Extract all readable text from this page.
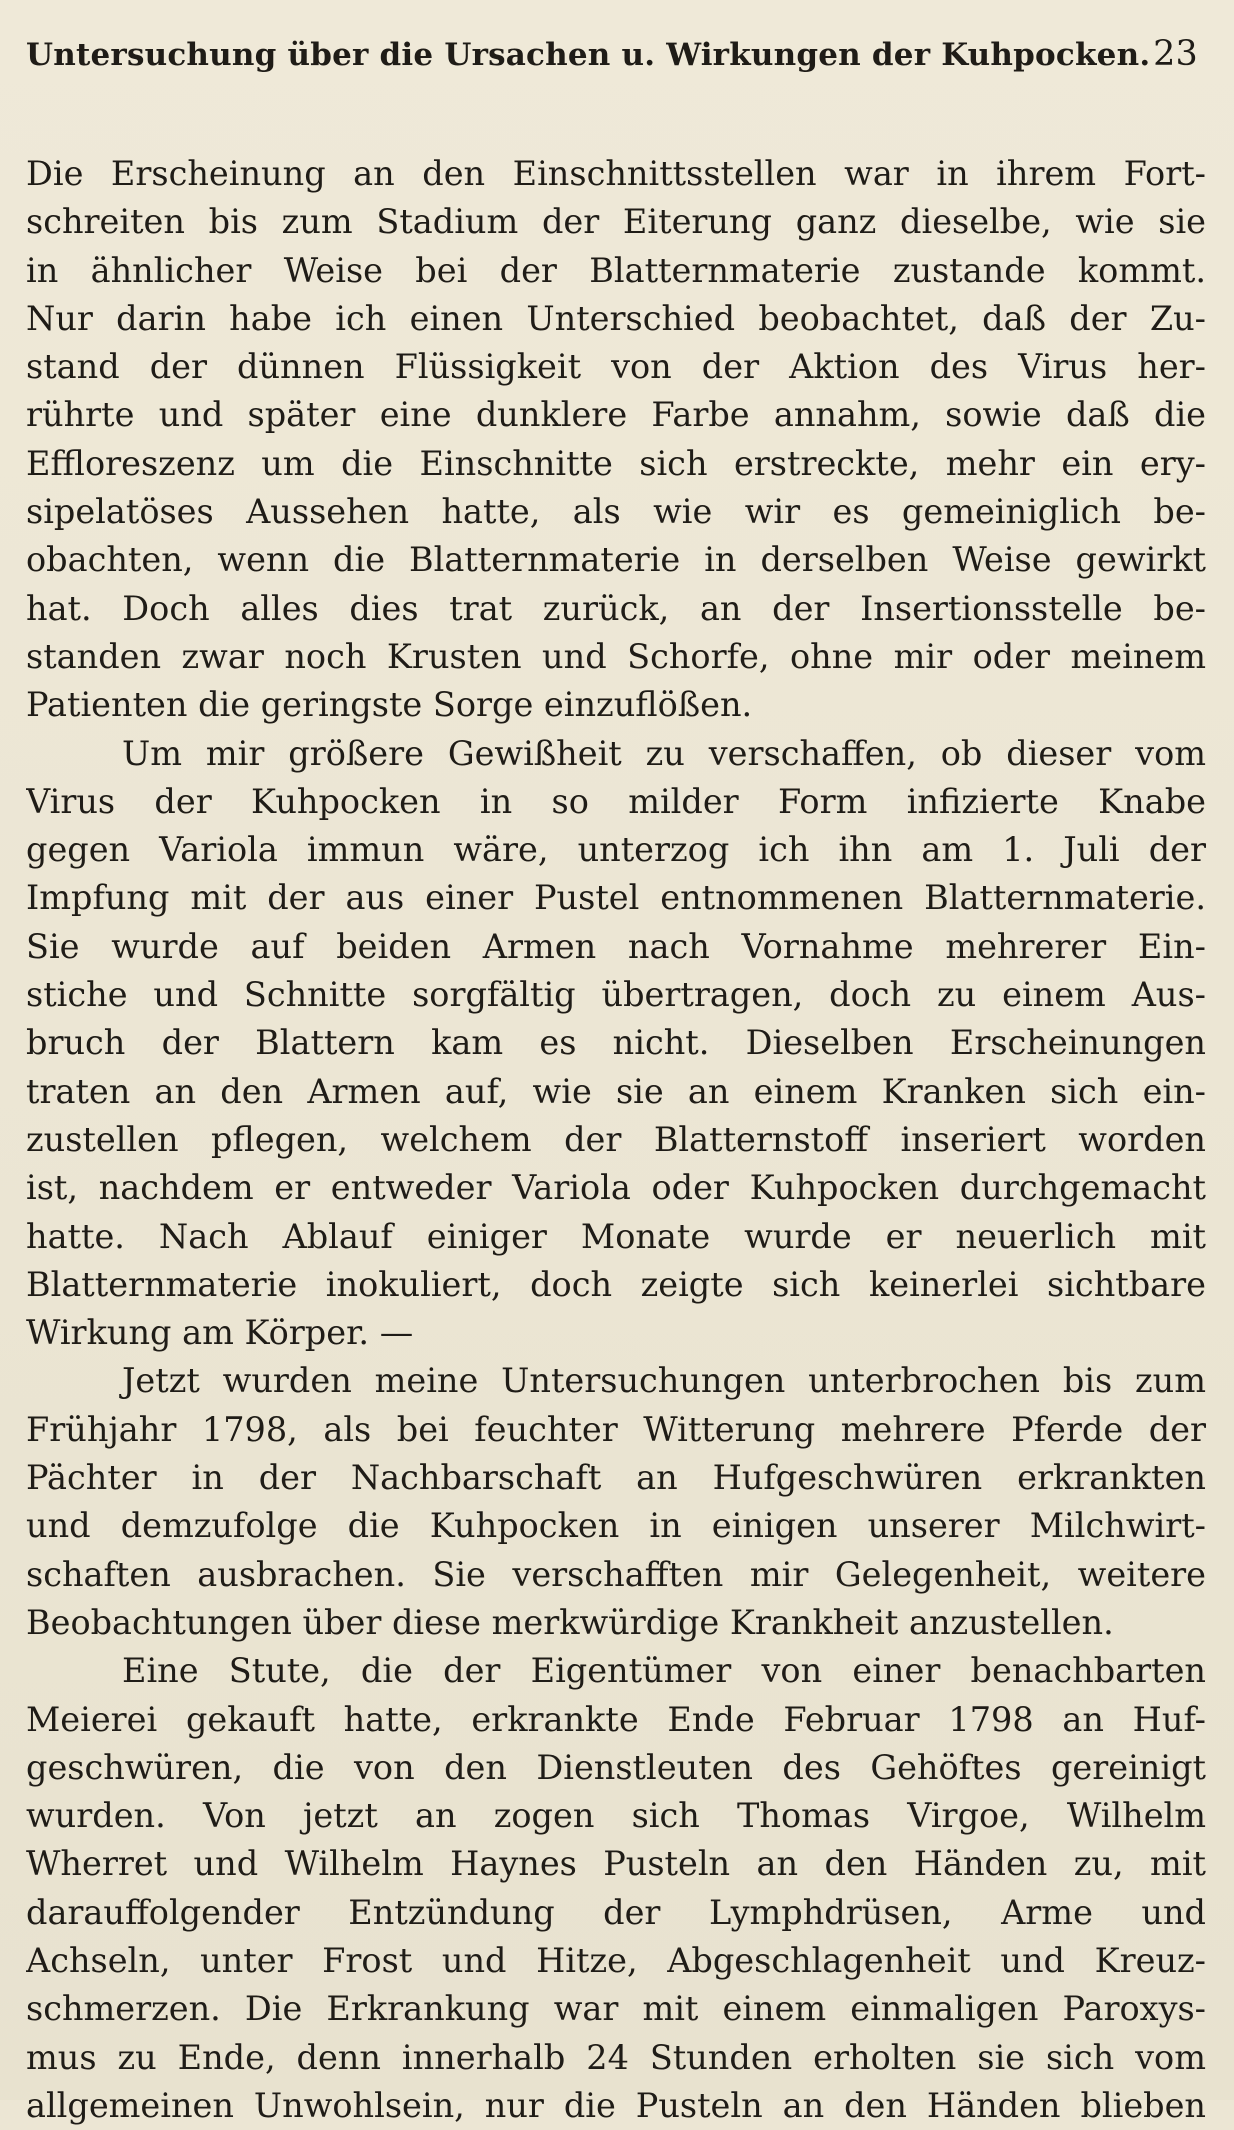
Untersuchung über die Ursachen u. Wirkungen der Kuhpocken. 23
Die Erscheinung an den Einschnittsstellen war in ihrem Fort-
schreiten bis zum Stadium der Eiterung ganz dieselbe, wie sie
in ähnlicher Weise bei der Blatternmaterie zustande kommt.
Nur darin habe ich einen Unterschied beobachtet, daß der Zu-
stand der dünnen Flüssigkeit von der Aktion des Virus her-
rührte und später eine dunklere Farbe annahm, sowie daß die
Effloreszenz um die Einschnitte sich erstreckte, mehr ein ery-
sipelatöses Aussehen hatte, als wie wir es gemeiniglich be-
obachten, wenn die Blatternmaterie in derselben Weise gewirkt
hat. Doch alles dies trat zurück, an der Insertionsstelle be-
standen zwar noch Krusten und Schorfe, ohne mir oder meinem
Patienten die geringste Sorge einzuflößen.
Um mir größere Gewißheit zu verschaffen, ob dieser vom
Virus der Kuhpocken in so milder Form infizierte Knabe
gegen Variola immun wäre, unterzog ich ihn am 1. Juli der
Impfung mit der aus einer Pustel entnommenen Blatternmaterie.
Sie wurde auf beiden Armen nach Vornahme mehrerer Ein-
stiche und Schnitte sorgfältig übertragen, doch zu einem Aus-
bruch der Blattern kam es nicht. Dieselben Erscheinungen
traten an den Armen auf, wie sie an einem Kranken sich ein-
zustellen pflegen, welchem der Blatternstoff inseriert worden
ist, nachdem er entweder Variola oder Kuhpocken durchgemacht
hatte. Nach Ablauf einiger Monate wurde er neuerlich mit
Blatternmaterie inokuliert, doch zeigte sich keinerlei sichtbare
Wirkung am Körper. —
Jetzt wurden meine Untersuchungen unterbrochen bis zum
Frühjahr 1798, als bei feuchter Witterung mehrere Pferde der
Pächter in der Nachbarschaft an Hufgeschwüren erkrankten
und demzufolge die Kuhpocken in einigen unserer Milchwirt-
schaften ausbrachen. Sie verschafften mir Gelegenheit, weitere
Beobachtungen über diese merkwürdige Krankheit anzustellen.
Eine Stute, die der Eigentümer von einer benachbarten
Meierei gekauft hatte, erkrankte Ende Februar 1798 an Huf-
geschwüren, die von den Dienstleuten des Gehöftes gereinigt
wurden. Von jetzt an zogen sich Thomas Virgoe, Wilhelm
Wherret und Wilhelm Haynes Pusteln an den Händen zu, mit
darauffolgender Entzündung der Lymphdrüsen, Arme und
Achseln, unter Frost und Hitze, Abgeschlagenheit und Kreuz-
schmerzen. Die Erkrankung war mit einem einmaligen Paroxys-
mus zu Ende, denn innerhalb 24 Stunden erholten sie sich vom
allgemeinen Unwohlsein, nur die Pusteln an den Händen blieben
